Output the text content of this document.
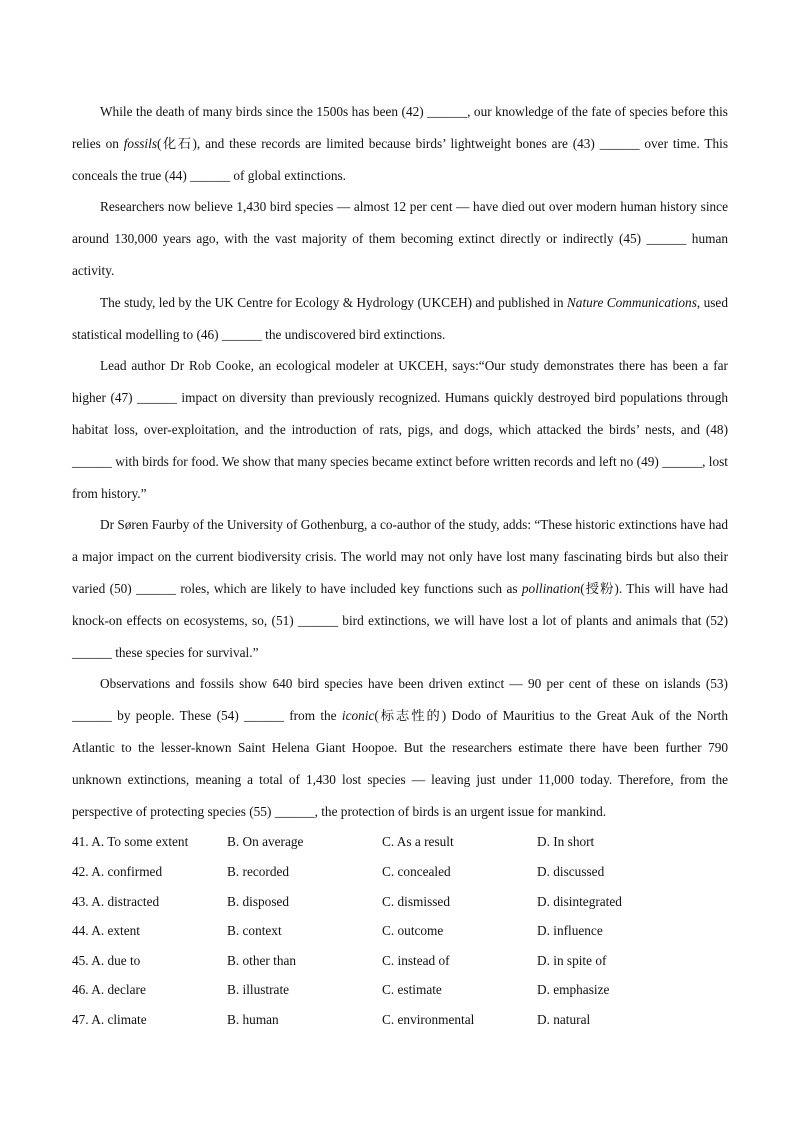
While the death of many birds since the 1500s has been (42) ______, our knowledge of the fate of species before this relies on fossils(化石), and these records are limited because birds’ lightweight bones are (43) ______ over time. This conceals the true (44) ______ of global extinctions.

Researchers now believe 1,430 bird species — almost 12 per cent — have died out over modern human history since around 130,000 years ago, with the vast majority of them becoming extinct directly or indirectly (45) ______ human activity.

The study, led by the UK Centre for Ecology & Hydrology (UKCEH) and published in Nature Communications, used statistical modelling to (46) ______ the undiscovered bird extinctions.

Lead author Dr Rob Cooke, an ecological modeler at UKCEH, says:“Our study demonstrates there has been a far higher (47) ______ impact on diversity than previously recognized. Humans quickly destroyed bird populations through habitat loss, over-exploitation, and the introduction of rats, pigs, and dogs, which attacked the birds’ nests, and (48) ______ with birds for food. We show that many species became extinct before written records and left no (49) ______, lost from history.”

Dr Søren Faurby of the University of Gothenburg, a co-author of the study, adds: “These historic extinctions have had a major impact on the current biodiversity crisis. The world may not only have lost many fascinating birds but also their varied (50) ______ roles, which are likely to have included key functions such as pollination(授粉). This will have had knock-on effects on ecosystems, so, (51) ______ bird extinctions, we will have lost a lot of plants and animals that (52) ______ these species for survival.”

Observations and fossils show 640 bird species have been driven extinct — 90 per cent of these on islands (53) ______ by people. These (54) ______ from the iconic(标志性的) Dodo of Mauritius to the Great Auk of the North Atlantic to the lesser-known Saint Helena Giant Hoopoe. But the researchers estimate there have been further 790 unknown extinctions, meaning a total of 1,430 lost species — leaving just under 11,000 today. Therefore, from the perspective of protecting species (55) ______, the protection of birds is an urgent issue for mankind.

41. A. To some extent	B. On average	C. As a result	D. In short
42. A. confirmed	B. recorded	C. concealed	D. discussed
43. A. distracted	B. disposed	C. dismissed	D. disintegrated
44. A. extent	B. context	C. outcome	D. influence
45. A. due to	B. other than	C. instead of	D. in spite of
46. A. declare	B. illustrate	C. estimate	D. emphasize
47. A. climate	B. human	C. environmental	D. natural
